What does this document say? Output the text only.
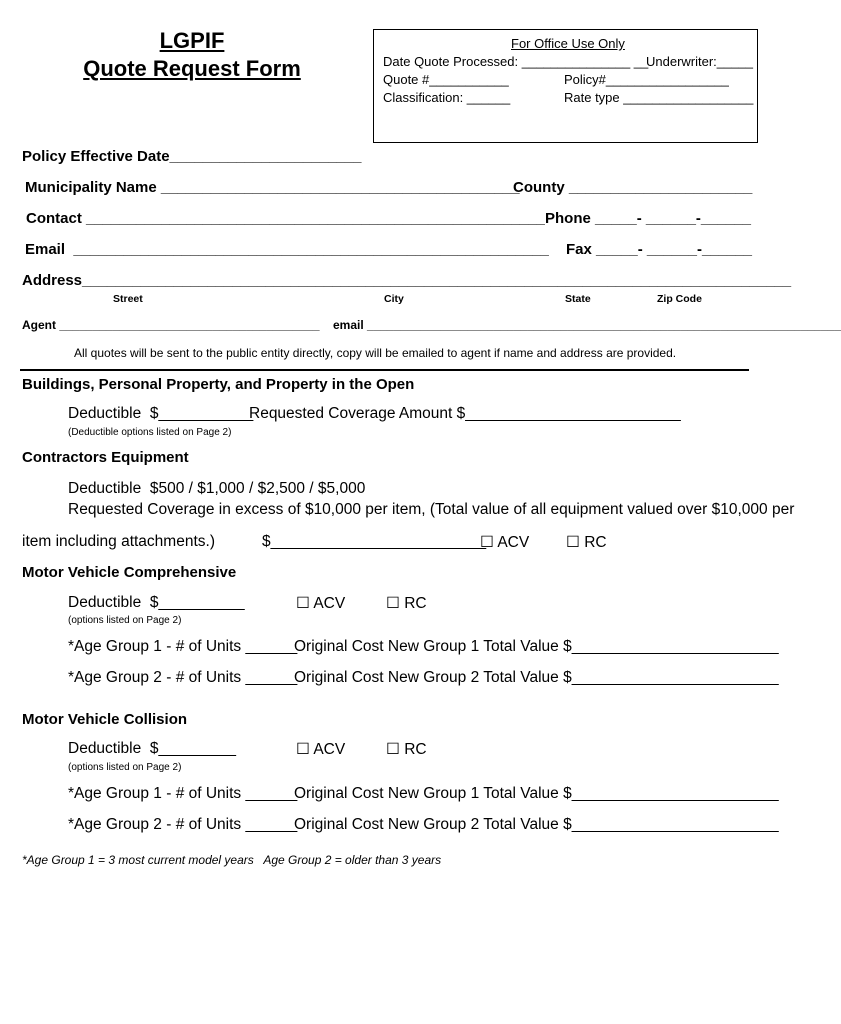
LGPIF
Quote Request Form
For Office Use Only
Date Quote Processed: _______________ __
Underwriter:_____
Quote #___________	Policy#_________________
Classification: ______	Rate type __________________
Policy Effective Date_______________________
Municipality Name ___________________________________________
County ______________________
Contact _______________________________________________________ Phone _____- ______-______
Email  _________________________________________________________ Fax _____- ______-______
Address_____________________________________________________________________________________
Street	City	State	Zip Code
Agent _______________________________________ email _______________________________________________________________________
All quotes will be sent to the public entity directly, copy will be emailed to agent if name and address are provided.
Buildings, Personal Property, and Property in the Open
Deductible  $___________
Requested Coverage Amount $_________________________
(Deductible options listed on Page 2)
Contractors Equipment
Deductible  $500 / $1,000 / $2,500 / $5,000
Requested Coverage in excess of $10,000 per item, (Total value of all equipment valued over $10,000 per
item including attachments.)	$_________________________
☐ ACV ☐ RC
Motor Vehicle Comprehensive
Deductible  $__________	☐ ACV	☐ RC
(options listed on Page 2)
*Age Group 1 - # of Units ______
Original Cost New Group 1 Total Value $________________________
*Age Group 2 - # of Units ______
Original Cost New Group 2 Total Value $________________________
Motor Vehicle Collision
Deductible  $_________	☐ ACV	☐ RC
(options listed on Page 2)
*Age Group 1 - # of Units ______
Original Cost New Group 1 Total Value $________________________
*Age Group 2 - # of Units ______
Original Cost New Group 2 Total Value $________________________
*Age Group 1 = 3 most current model years   Age Group 2 = older than 3 years
